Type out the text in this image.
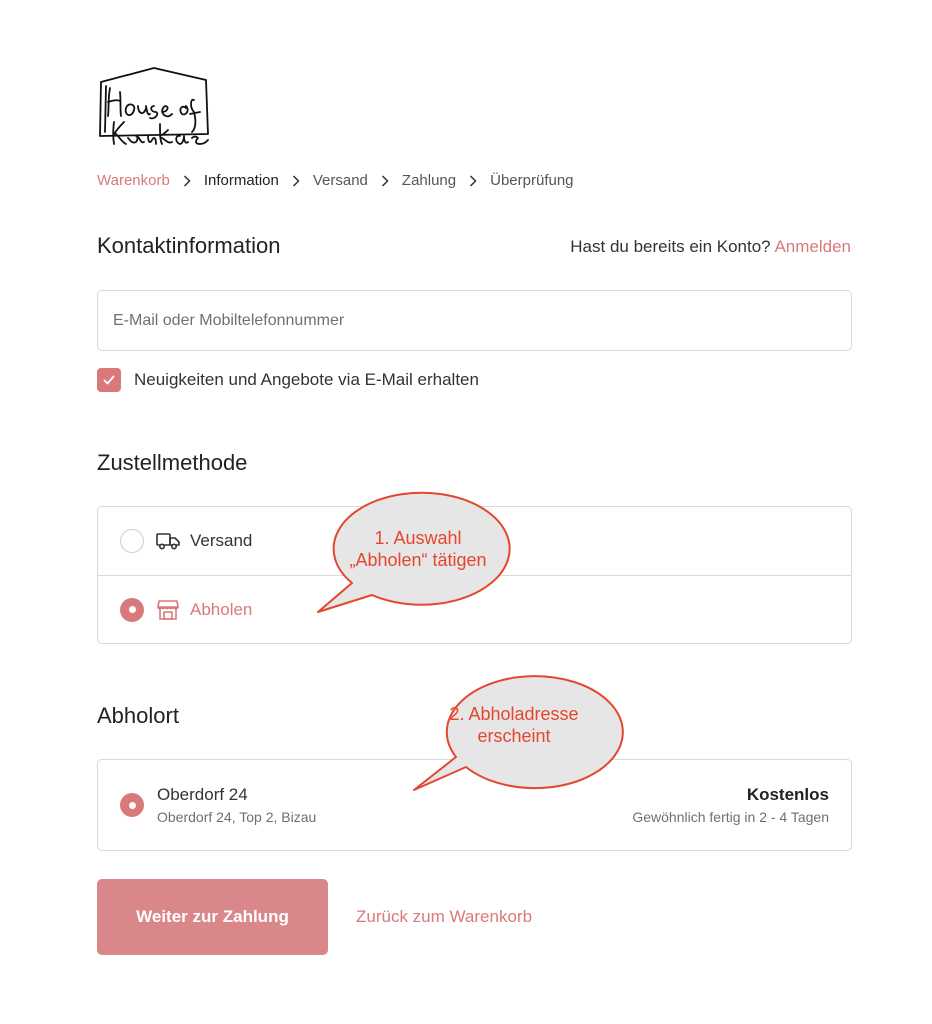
Warenkorb Information Versand Zahlung Überprüfung
Kontaktinformation	Hast du bereits ein Konto? Anmelden
E-Mail oder Mobiltelefonnummer
Neuigkeiten und Angebote via E-Mail erhalten
Zustellmethode
Versand
Abholen
Abholort
Oberdorf 24
Oberdorf 24, Top 2, Bizau
Kostenlos
Gewöhnlich fertig in 2 - 4 Tagen
Weiter zur Zahlung	Zurück zum Warenkorb
1. Auswahl
„Abholen“ tätigen
2. Abholadresse
erscheint
